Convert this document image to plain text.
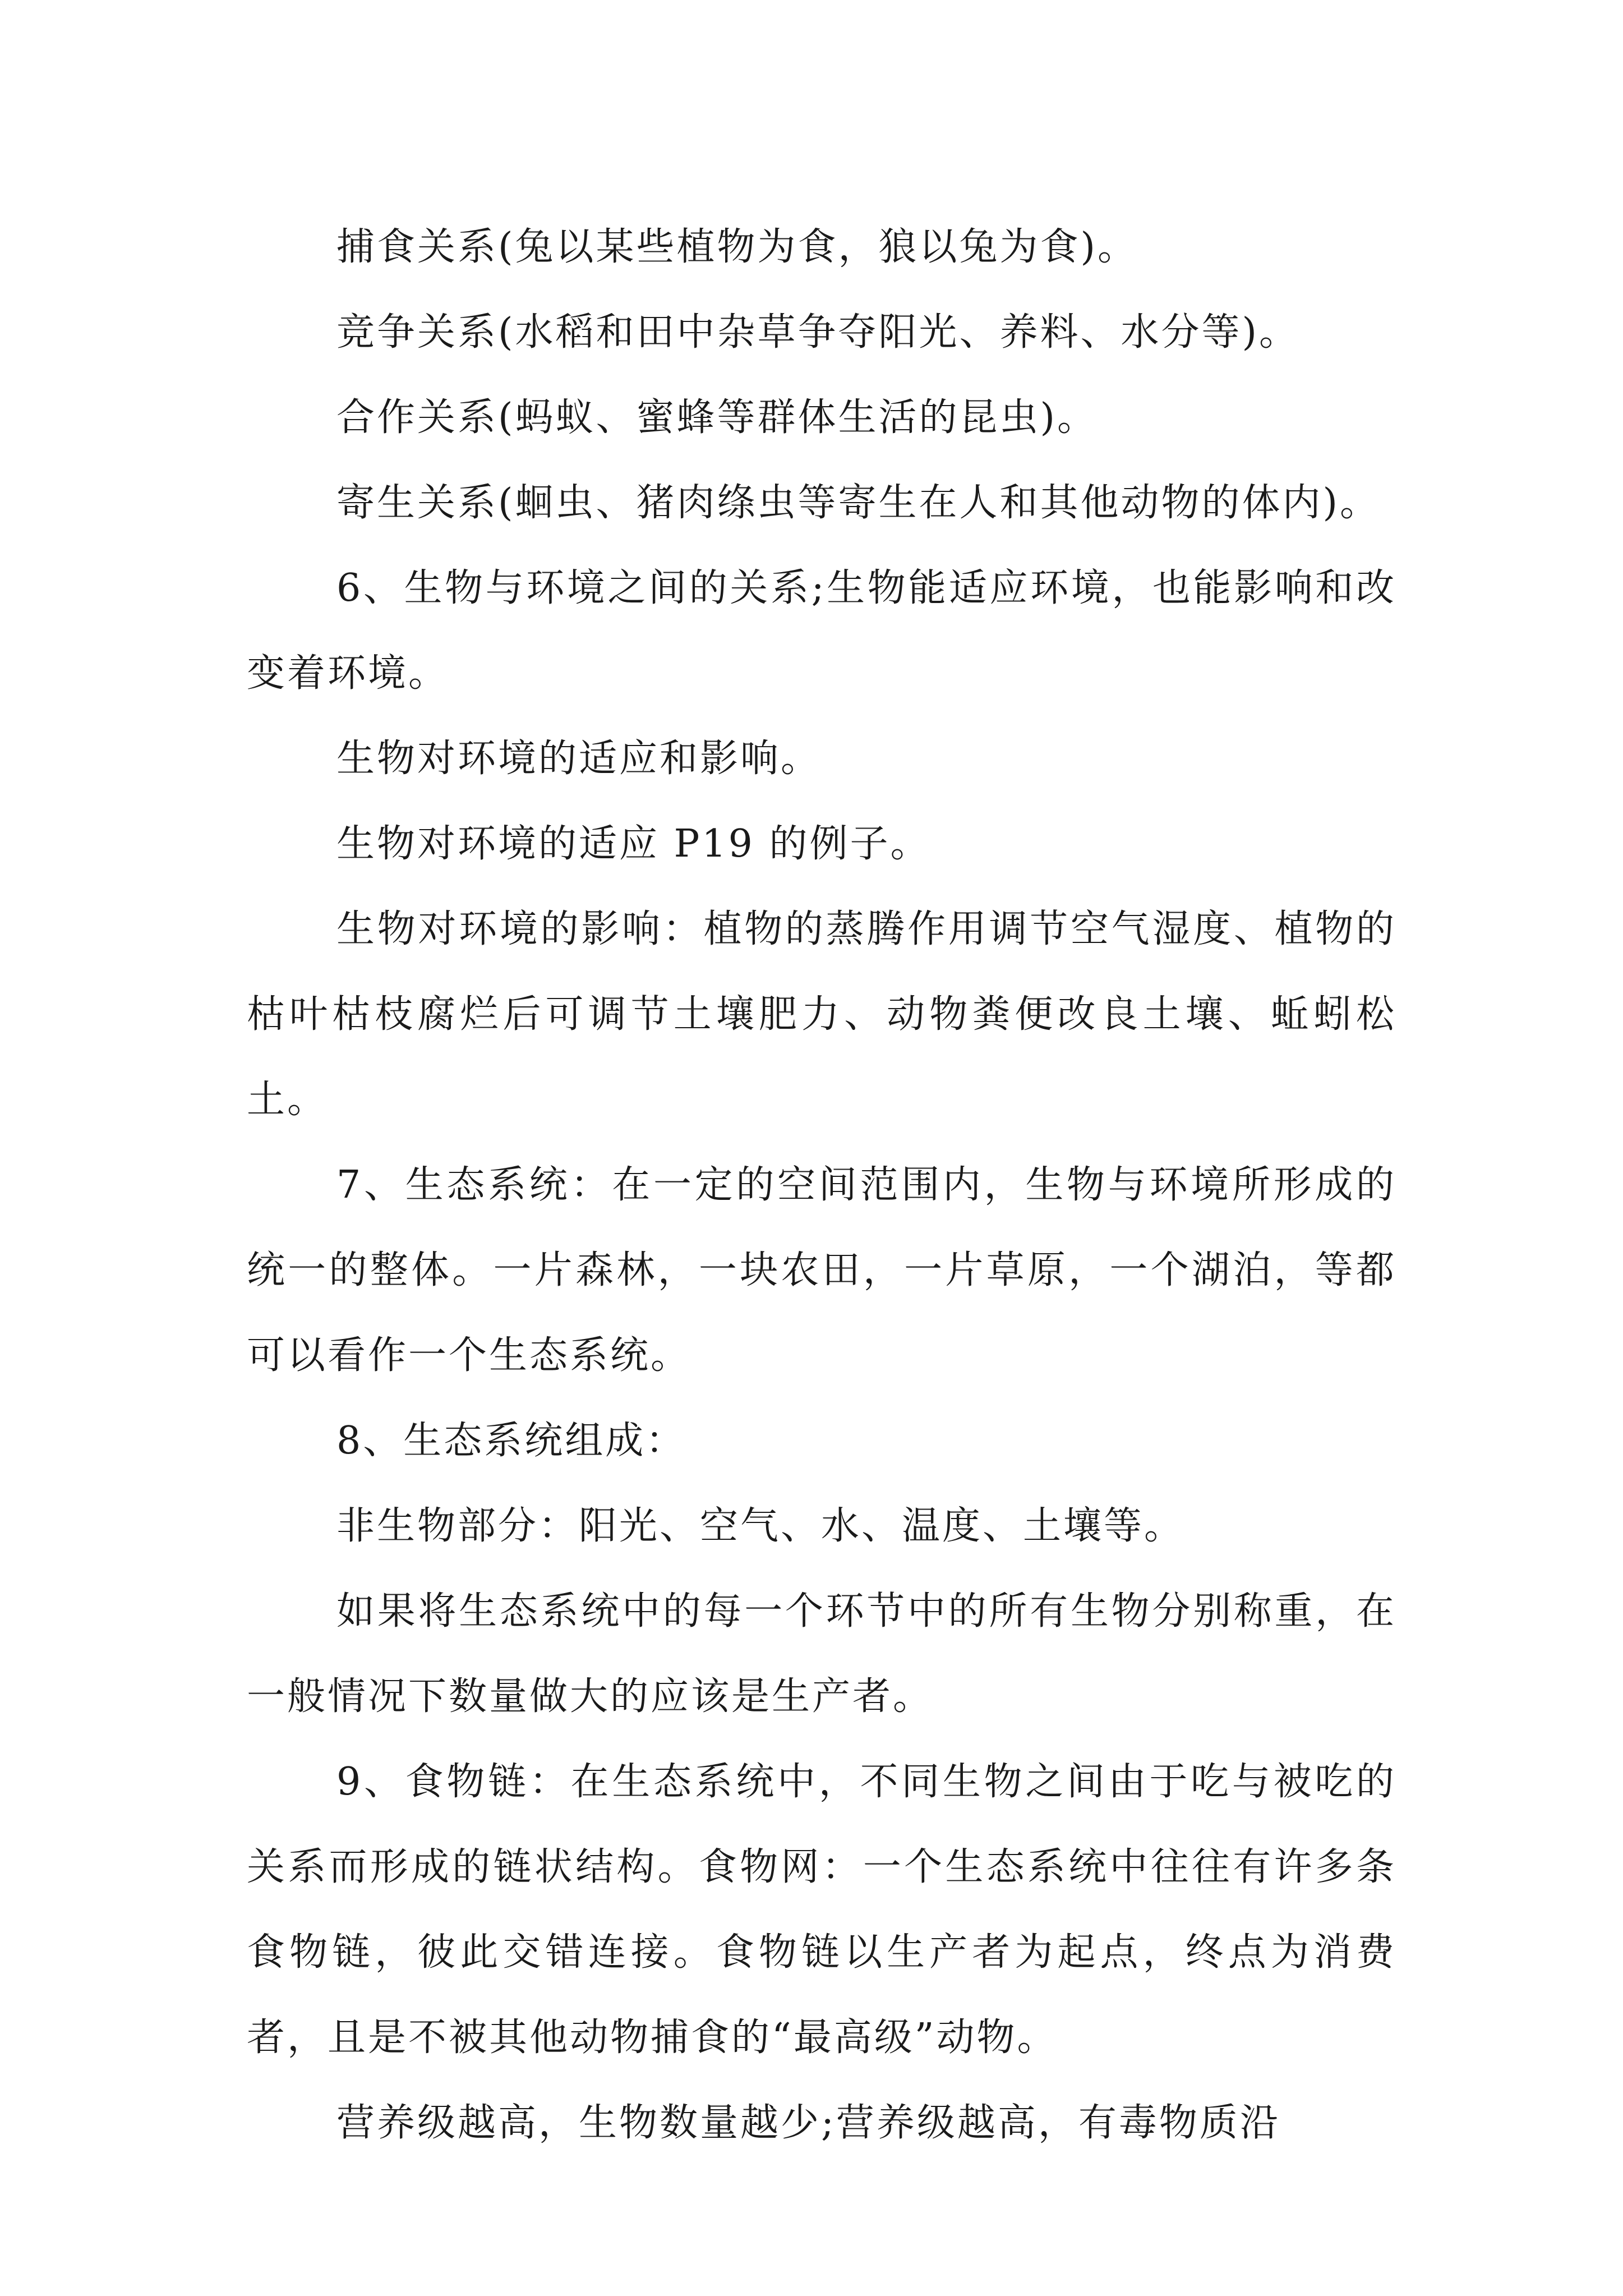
捕食关系(兔以某些植物为食，狼以兔为食)。

竞争关系(水稻和田中杂草争夺阳光、养料、水分等)。

合作关系(蚂蚁、蜜蜂等群体生活的昆虫)。

寄生关系(蛔虫、猪肉绦虫等寄生在人和其他动物的体内)。

6、生物与环境之间的关系;生物能适应环境，也能影响和改变着环境。

生物对环境的适应和影响。

生物对环境的适应 P19 的例子。

生物对环境的影响：植物的蒸腾作用调节空气湿度、植物的枯叶枯枝腐烂后可调节土壤肥力、动物粪便改良土壤、蚯蚓松土。

7、生态系统：在一定的空间范围内，生物与环境所形成的统一的整体。一片森林，一块农田，一片草原，一个湖泊，等都可以看作一个生态系统。

8、生态系统组成：

非生物部分：阳光、空气、水、温度、土壤等。

如果将生态系统中的每一个环节中的所有生物分别称重，在一般情况下数量做大的应该是生产者。

9、食物链：在生态系统中，不同生物之间由于吃与被吃的关系而形成的链状结构。食物网：一个生态系统中往往有许多条食物链，彼此交错连接。食物链以生产者为起点，终点为消费者，且是不被其他动物捕食的“最高级”动物。

营养级越高，生物数量越少;营养级越高，有毒物质沿
